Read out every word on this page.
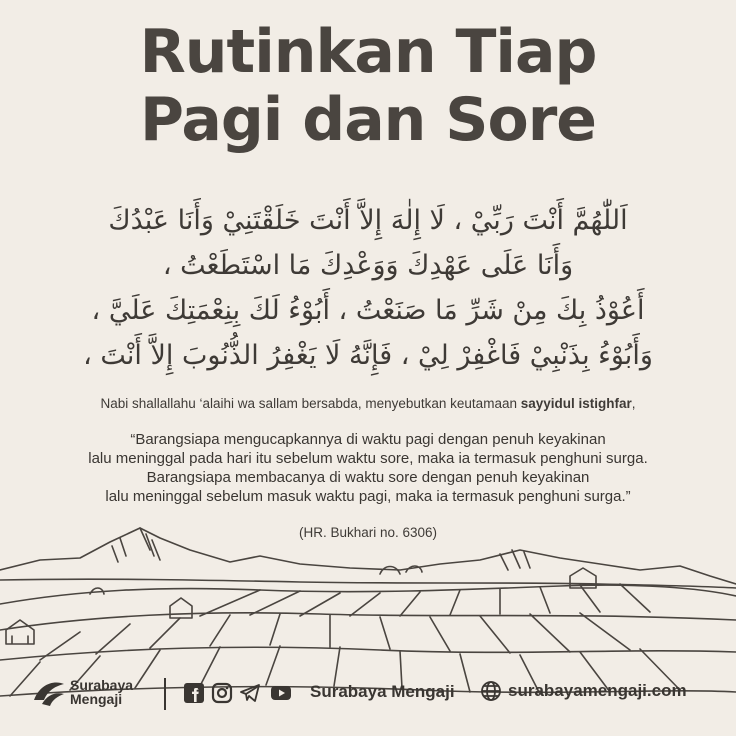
Rutinkan Tiap
Pagi dan Sore
اَللّٰهُمَّ أَنْتَ رَبِّيْ ، لَا إِلٰهَ إِلاَّ أَنْتَ خَلَقْتَنِيْ وَأَنَا عَبْدُكَ
وَأَنَا عَلَى عَهْدِكَ وَوَعْدِكَ مَا اسْتَطَعْتُ ،
أَعُوْذُ بِكَ مِنْ شَرِّ مَا صَنَعْتُ ، أَبُوْءُ لَكَ بِنِعْمَتِكَ عَلَيَّ ،
وَأَبُوْءُ بِذَنْبِيْ فَاغْفِرْ لِيْ ، فَإِنَّهُ لَا يَغْفِرُ الذُّنُوبَ إِلاَّ أَنْتَ ،
Nabi shallallahu ‘alaihi wa sallam bersabda, menyebutkan keutamaan sayyidul istighfar,
“Barangsiapa mengucapkannya di waktu pagi dengan penuh keyakinan
lalu meninggal pada hari itu sebelum waktu sore, maka ia termasuk penghuni surga.
Barangsiapa membacanya di waktu sore dengan penuh keyakinan
lalu meninggal sebelum masuk waktu pagi, maka ia termasuk penghuni surga.”
(HR. Bukhari no. 6306)
Surabaya
Mengaji	Surabaya Mengaji	surabayamengaji.com
